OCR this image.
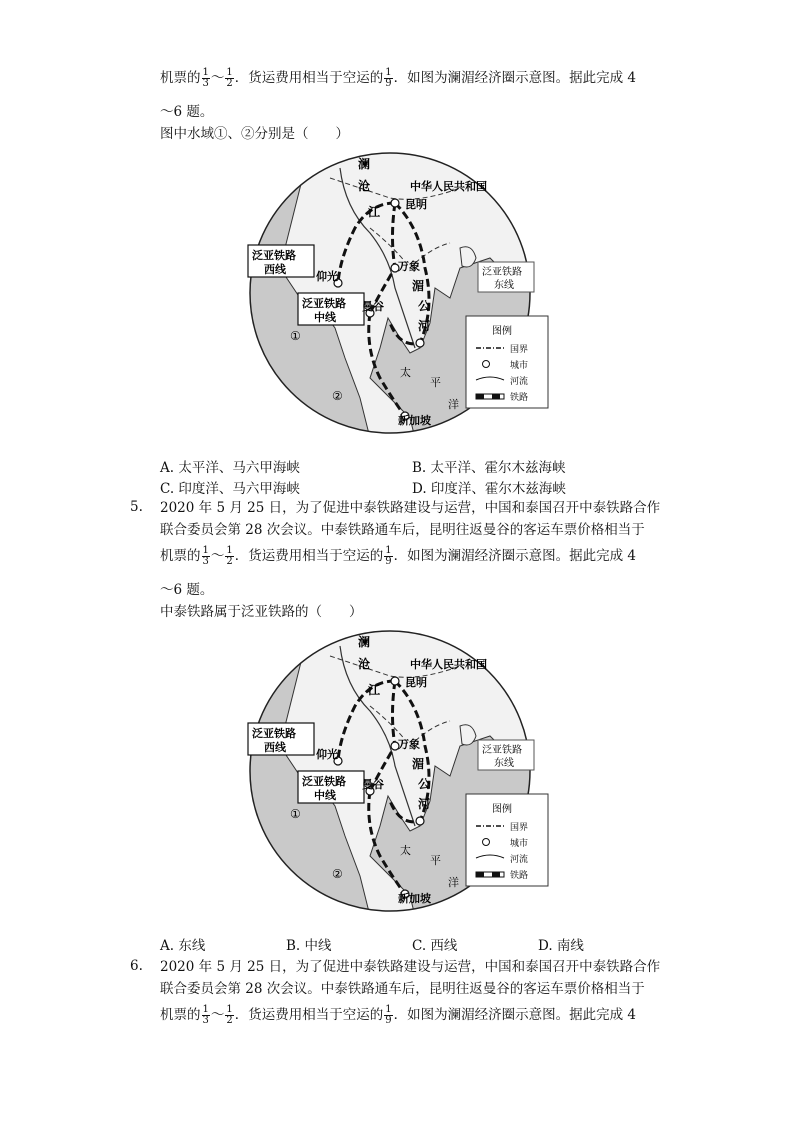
机票的 $\frac{1}{3}$ ～ $\frac{1}{2}$ ．货运费用相当于空运的 $\frac{1}{9}$ ．如图为澜湄经济圈示意图。据此完成 4
～6 题。
图中水域①、②分别是（　　）
澜
沧
江
中华人民共和国
昆明
泛亚铁路
西线
仰光
万象
泛亚铁路
中线
曼谷
湄
公
河
泛亚铁路
东线
①
②
太
平
洋
新加坡
图例
国界
城市
河流
铁路
A. 太平洋、马六甲海峡	B. 太平洋、霍尔木兹海峡
C. 印度洋、马六甲海峡	D. 印度洋、霍尔木兹海峡
5. 2020 年 5 月 25 日，为了促进中泰铁路建设与运营，中国和泰国召开中泰铁路合作
联合委员会第 28 次会议。中泰铁路通车后，昆明往返曼谷的客运车票价格相当于
机票的 $\frac{1}{3}$ ～ $\frac{1}{2}$ ．货运费用相当于空运的 $\frac{1}{9}$ ．如图为澜湄经济圈示意图。据此完成 4
～6 题。
中泰铁路属于泛亚铁路的（　　）
澜
沧
江
中华人民共和国
昆明
泛亚铁路
西线
仰光
万象
泛亚铁路
中线
曼谷
湄
公
河
泛亚铁路
东线
①
②
太
平
洋
新加坡
图例
国界
城市
河流
铁路
A. 东线	B. 中线	C. 西线	D. 南线
6. 2020 年 5 月 25 日，为了促进中泰铁路建设与运营，中国和泰国召开中泰铁路合作
联合委员会第 28 次会议。中泰铁路通车后，昆明往返曼谷的客运车票价格相当于
机票的 $\frac{1}{3}$ ～ $\frac{1}{2}$ ．货运费用相当于空运的 $\frac{1}{9}$ ．如图为澜湄经济圈示意图。据此完成 4
